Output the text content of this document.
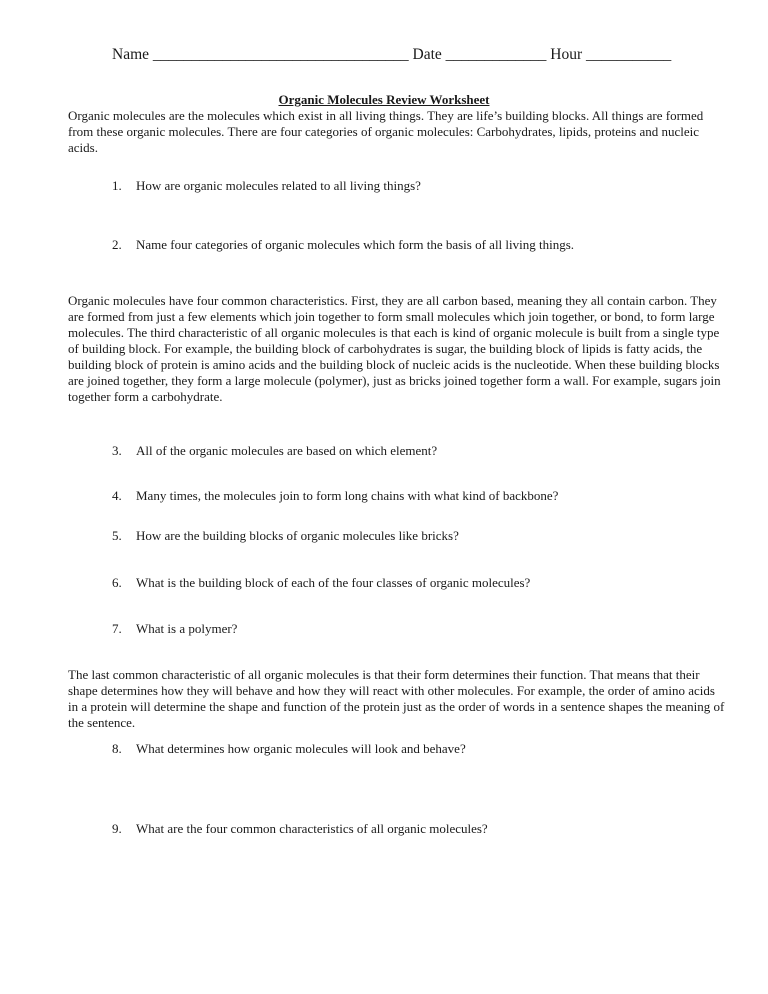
Name _________________________________ Date _____________ Hour ___________
Organic Molecules Review Worksheet
Organic molecules are the molecules which exist in all living things. They are life’s building blocks. All things are formed from these organic molecules. There are four categories of organic molecules: Carbohydrates, lipids, proteins and nucleic acids.
1. How are organic molecules related to all living things?
2. Name four categories of organic molecules which form the basis of all living things.
Organic molecules have four common characteristics. First, they are all carbon based, meaning they all contain carbon. They are formed from just a few elements which join together to form small molecules which join together, or bond, to form large molecules. The third characteristic of all organic molecules is that each is kind of organic molecule is built from a single type of building block. For example, the building block of carbohydrates is sugar, the building block of lipids is fatty acids, the building block of protein is amino acids and the building block of nucleic acids is the nucleotide. When these building blocks are joined together, they form a large molecule (polymer), just as bricks joined together form a wall. For example, sugars join together form a carbohydrate.
3. All of the organic molecules are based on which element?
4. Many times, the molecules join to form long chains with what kind of backbone?
5. How are the building blocks of organic molecules like bricks?
6. What is the building block of each of the four classes of organic molecules?
7. What is a polymer?
The last common characteristic of all organic molecules is that their form determines their function. That means that their shape determines how they will behave and how they will react with other molecules. For example, the order of amino acids in a protein will determine the shape and function of the protein just as the order of words in a sentence shapes the meaning of the sentence.
8. What determines how organic molecules will look and behave?
9. What are the four common characteristics of all organic molecules?
